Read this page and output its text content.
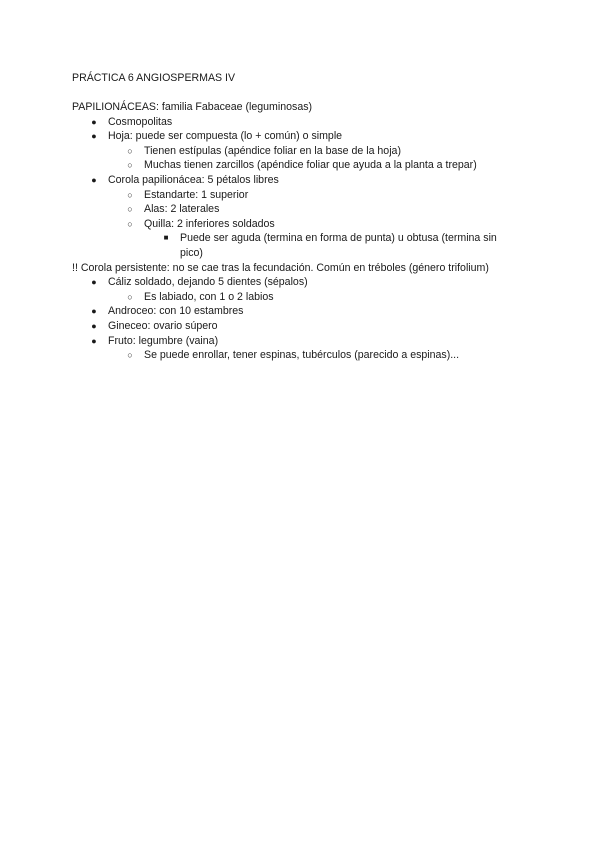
PRÁCTICA 6 ANGIOSPERMAS IV
PAPILIONÁCEAS: familia Fabaceae (leguminosas)
●	Cosmopolitas
●	Hoja: puede ser compuesta (lo + común) o simple
○	Tienen estípulas (apéndice foliar en la base de la hoja)
○	Muchas tienen zarcillos (apéndice foliar que ayuda a la planta a trepar)
●	Corola papilionácea: 5 pétalos libres
○	Estandarte: 1 superior
○	Alas: 2 laterales
○	Quilla: 2 inferiores soldados
■	Puede ser aguda (termina en forma de punta) u obtusa (termina sin pico)
!! Corola persistente: no se cae tras la fecundación. Común en tréboles (género trifolium)
●	Cáliz soldado, dejando 5 dientes (sépalos)
○	Es labiado, con 1 o 2 labios
●	Androceo: con 10 estambres
●	Gineceo: ovario súpero
●	Fruto: legumbre (vaina)
○	Se puede enrollar, tener espinas, tubérculos (parecido a espinas)...
